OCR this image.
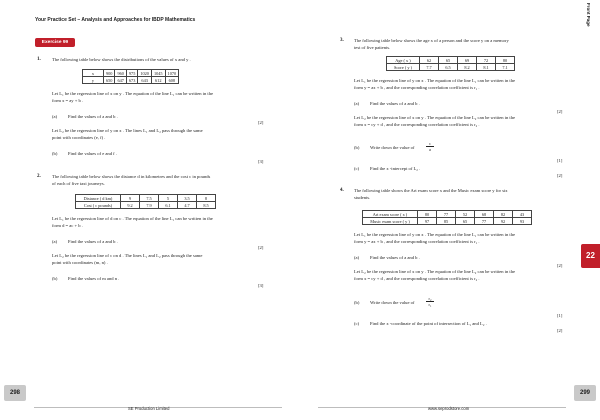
Your Practice Set – Analysis and Approaches for IBDP Mathematics	Front Page
Exercise 99
22
1. The following table below shows the distributions of the values of x and y .
x	900	960	975	1020	1045	1070
y	650	647	673	643	612	608
Let L₁ be the regression line of x on y . The equation of the line L₁ can be written in the
form x = ay + b .
(a) Find the values of a and b .
[2]
Let L₂ be the regression line of y on x . The lines L₁ and L₂ pass through the same
point with coordinates (e, f) .
(b) Find the values of e and f .
[3]
2. The following table below shows the distance d in kilometres and the cost c in pounds
of each of five taxi journeys.
Distance ( d km)	9	7.5	5	3.5	8
Cost ( c pounds)	9.2	7.9	6.1	4.7	8.5
Let L₁ be the regression line of d on c . The equation of the line L₁ can be written in the
form d = ac + b .
(a) Find the values of a and b .
[2]
Let L₂ be the regression line of c on d . The lines L₁ and L₂ pass through the same
point with coordinates (m, n) .
(b) Find the values of m and n .
[3]
3. The following table below shows the age x of a person and the score y on a memory
test of five patients.
Age ( x )	62	65	69	72	80
Score ( y )	7.7	6.5	8.2	8.1	7.1
Let L₁ be the regression line of y on x . The equation of the line L₁ can be written in the
form y = ax + b , and the corresponding correlation coefficient is r₁ .
(a) Find the values of a and b .
[2]
Let L₂ be the regression line of x on y . The equation of the line L₂ can be written in the
form x = cy + d , and the corresponding correlation coefficient is r₂ .
(b) Write down the value of	$\frac{c}{a}$
[1]
(c) Find the x -intercept of L₂ .
[2]
4. The following table shows the Art exam score x and the Music exam score y for six
students.
Art exam score ( x )	80	77	52	68	82	43
Music exam score ( y )	97	85	65	77	92	93
Let L₁ be the regression line of y on x . The equation of the line L₁ can be written in the
form y = ax + b , and the corresponding correlation coefficient is r₁ .
(a) Find the values of a and b .
[2]
Let L₂ be the regression line of x on y . The equation of the line L₂ can be written in the
form x = cy + d , and the corresponding correlation coefficient is r₂ .
(b) Write down the value of	$\frac{\text{r₂}}{\text{r₁}}$
[1]
(c) Find the x -coordinate of the point of intersection of L₁ and L₂ .
[2]
298	299
SE Production Limited	www.seprodstore.com
